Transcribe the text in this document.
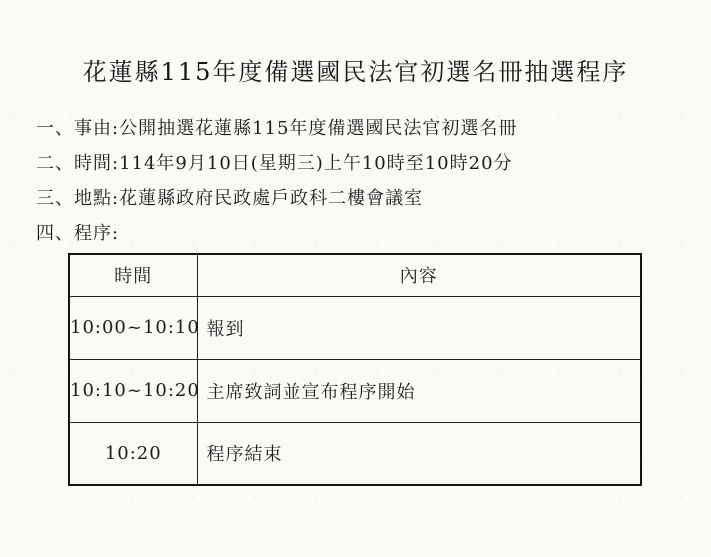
花蓮縣115年度備選國民法官初選名冊抽選程序
一、事由:公開抽選花蓮縣115年度備選國民法官初選名冊
二、時間:114年9月10日(星期三)上午10時至10時20分
三、地點:花蓮縣政府民政處戶政科二樓會議室
四、程序:
時間	內容
10:00~10:10	報到
10:10~10:20	主席致詞並宣布程序開始
10:20	程序結束
